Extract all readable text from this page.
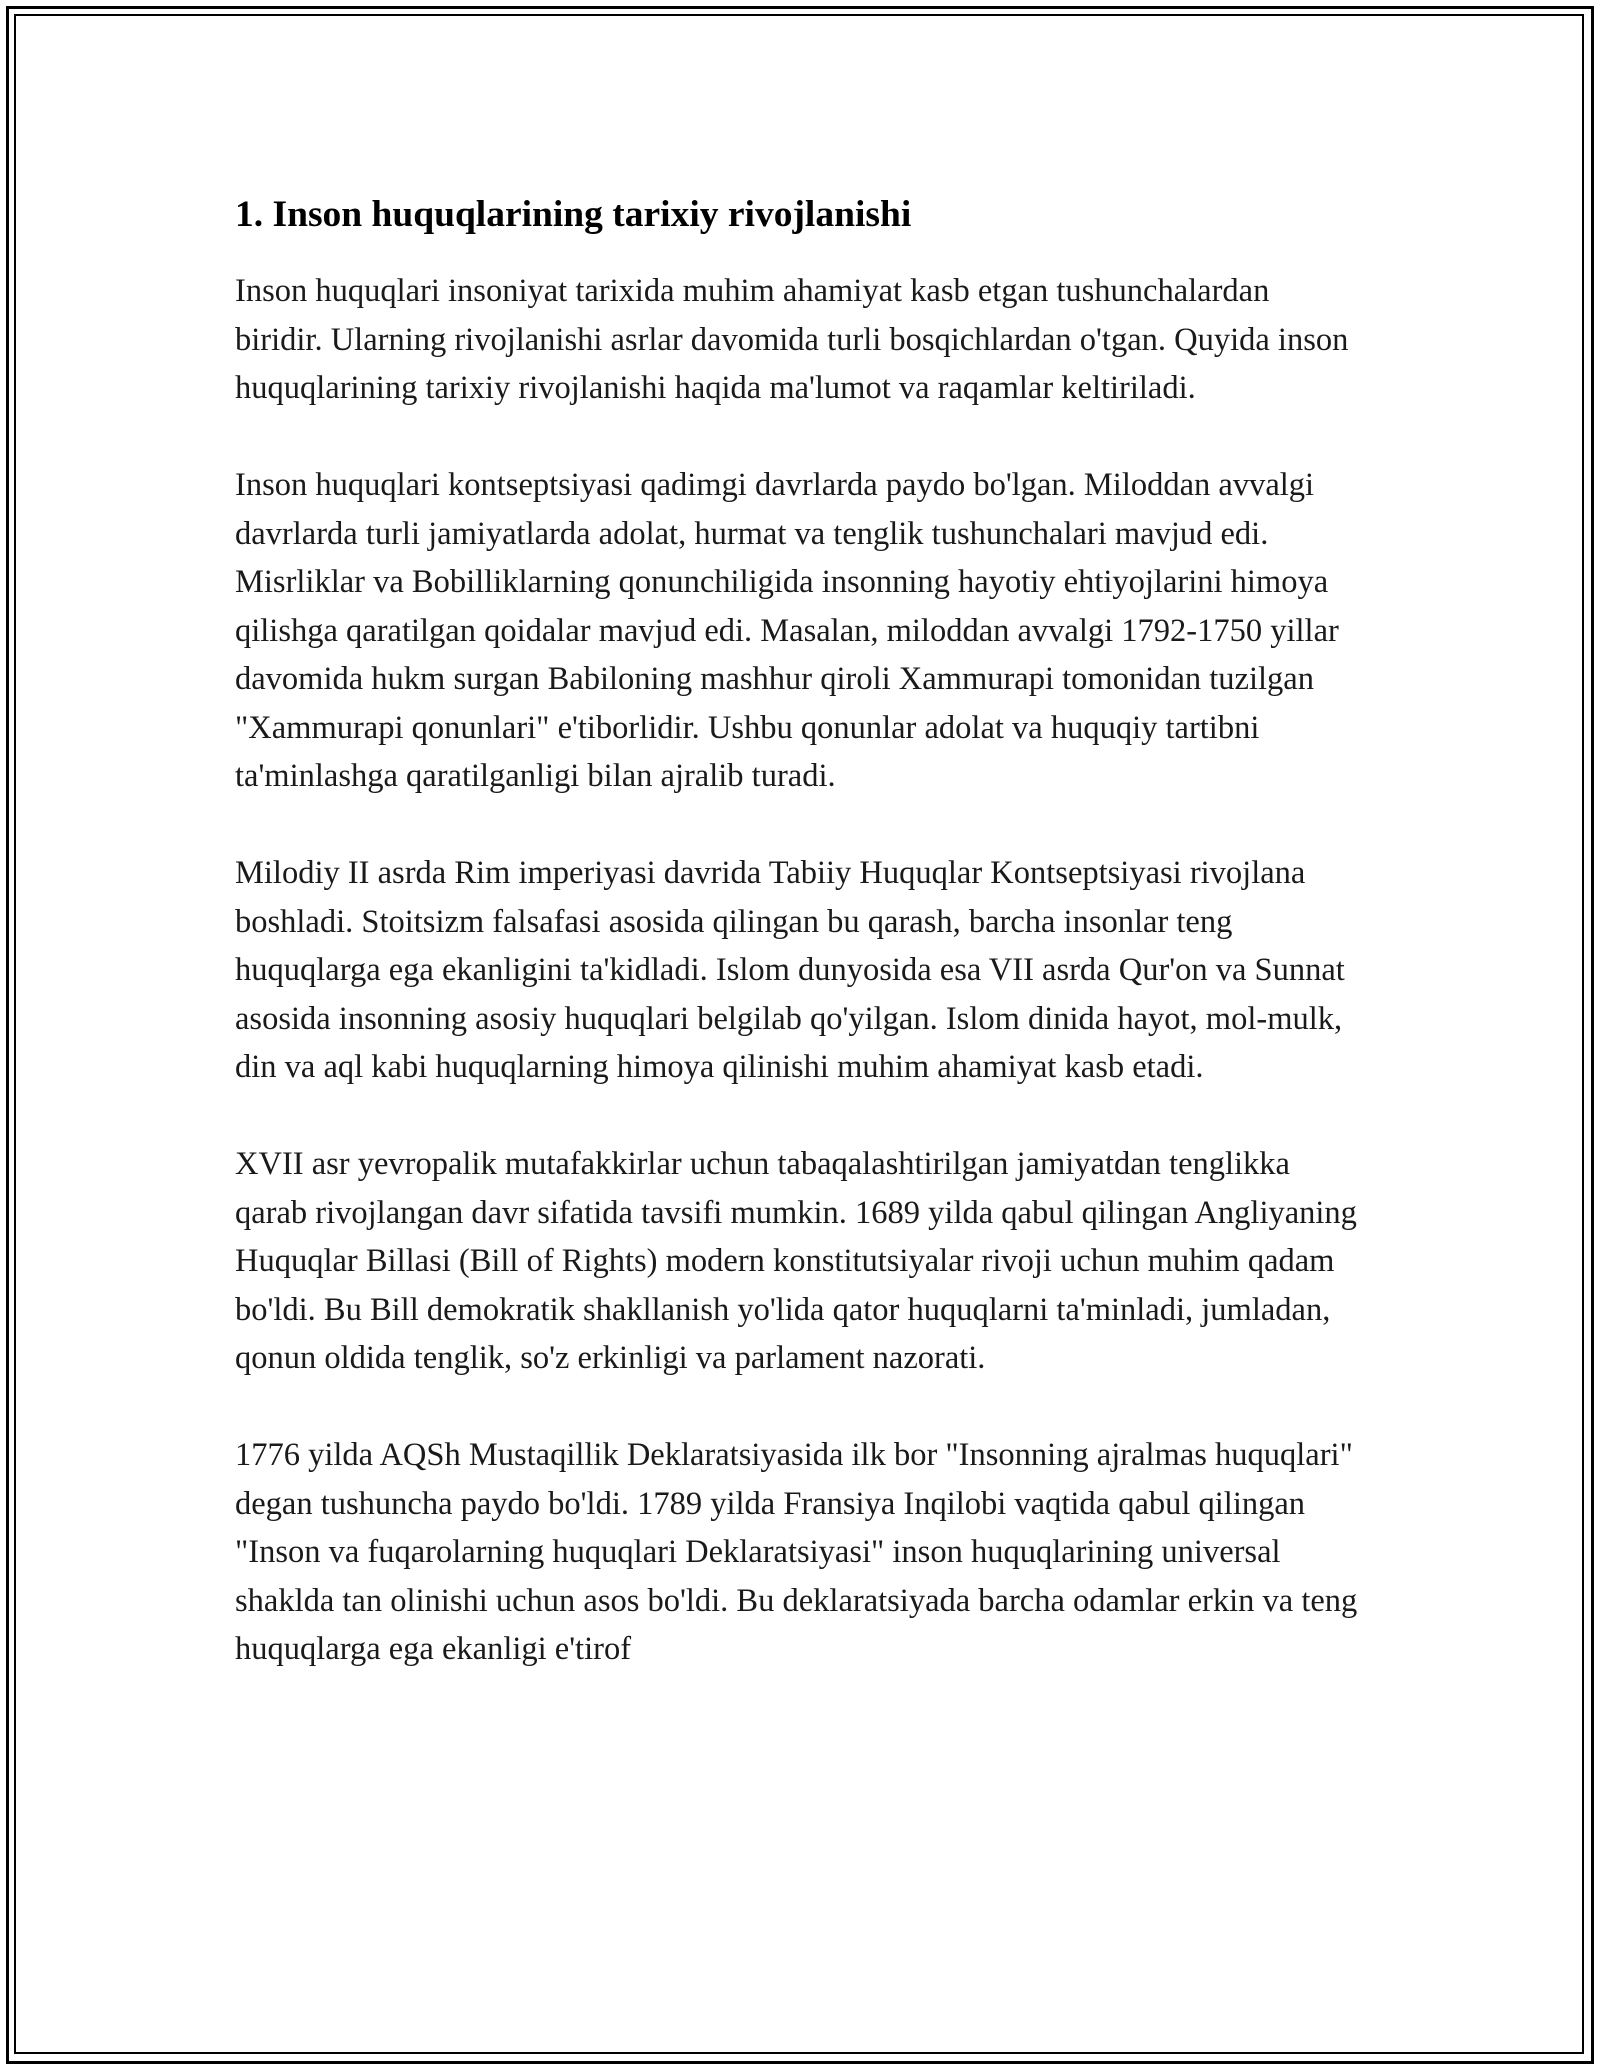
1. Inson huquqlarining tarixiy rivojlanishi

Inson huquqlari insoniyat tarixida muhim ahamiyat kasb etgan tushunchalardan biridir. Ularning rivojlanishi asrlar davomida turli bosqichlardan o'tgan. Quyida inson huquqlarining tarixiy rivojlanishi haqida ma'lumot va raqamlar keltiriladi.

Inson huquqlari kontseptsiyasi qadimgi davrlarda paydo bo'lgan. Miloddan avvalgi davrlarda turli jamiyatlarda adolat, hurmat va tenglik tushunchalari mavjud edi. Misrliklar va Bobilliklarning qonunchiligida insonning hayotiy ehtiyojlarini himoya qilishga qaratilgan qoidalar mavjud edi. Masalan, miloddan avvalgi 1792-1750 yillar davomida hukm surgan Babiloning mashhur qiroli Xammurapi tomonidan tuzilgan "Xammurapi qonunlari" e'tiborlidir. Ushbu qonunlar adolat va huquqiy tartibni ta'minlashga qaratilganligi bilan ajralib turadi.

Milodiy II asrda Rim imperiyasi davrida Tabiiy Huquqlar Kontseptsiyasi rivojlana boshladi. Stoitsizm falsafasi asosida qilingan bu qarash, barcha insonlar teng huquqlarga ega ekanligini ta'kidladi. Islom dunyosida esa VII asrda Qur'on va Sunnat asosida insonning asosiy huquqlari belgilab qo'yilgan. Islom dinida hayot, mol-mulk, din va aql kabi huquqlarning himoya qilinishi muhim ahamiyat kasb etadi.

XVII asr yevropalik mutafakkirlar uchun tabaqalashtirilgan jamiyatdan tenglikka qarab rivojlangan davr sifatida tavsifi mumkin. 1689 yilda qabul qilingan Angliyaning Huquqlar Billasi (Bill of Rights) modern konstitutsiyalar rivoji uchun muhim qadam bo'ldi. Bu Bill demokratik shakllanish yo'lida qator huquqlarni ta'minladi, jumladan, qonun oldida tenglik, so'z erkinligi va parlament nazorati.

1776 yilda AQSh Mustaqillik Deklaratsiyasida ilk bor "Insonning ajralmas huquqlari" degan tushuncha paydo bo'ldi. 1789 yilda Fransiya Inqilobi vaqtida qabul qilingan "Inson va fuqarolarning huquqlari Deklaratsiyasi" inson huquqlarining universal shaklda tan olinishi uchun asos bo'ldi. Bu deklaratsiyada barcha odamlar erkin va teng huquqlarga ega ekanligi e'tirof
